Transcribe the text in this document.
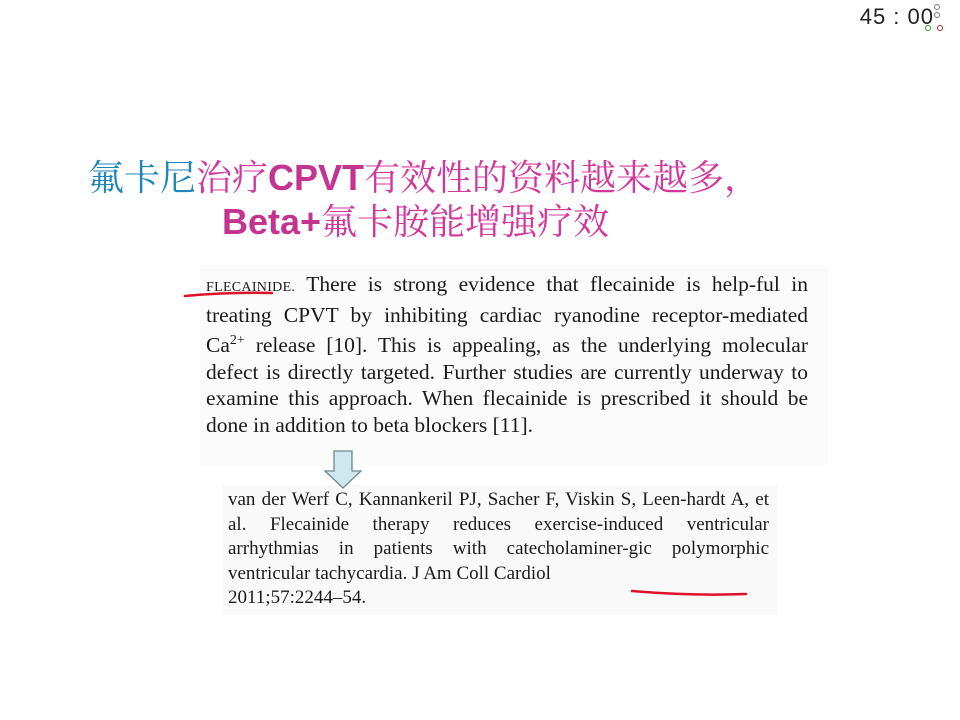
45 : 00
氟卡尼治疗CPVT有效性的资料越来越多，
Beta+氟卡胺能增强疗效

FLECAINIDE. There is strong evidence that flecainide is help-ful in treating CPVT by inhibiting cardiac ryanodine receptor-mediated $Ca^{2+}$ release [10]. This is appealing, as the underlying molecular defect is directly targeted. Further studies are currently underway to examine this approach. When flecainide is prescribed it should be done in addition to beta blockers [11].

van der Werf C, Kannankeril PJ, Sacher F, Viskin S, Leen-hardt A, et al. Flecainide therapy reduces exercise-induced ventricular arrhythmias in patients with catecholaminer-gic polymorphic ventricular tachycardia. J Am Coll Cardiol
2011;57:2244–54.
